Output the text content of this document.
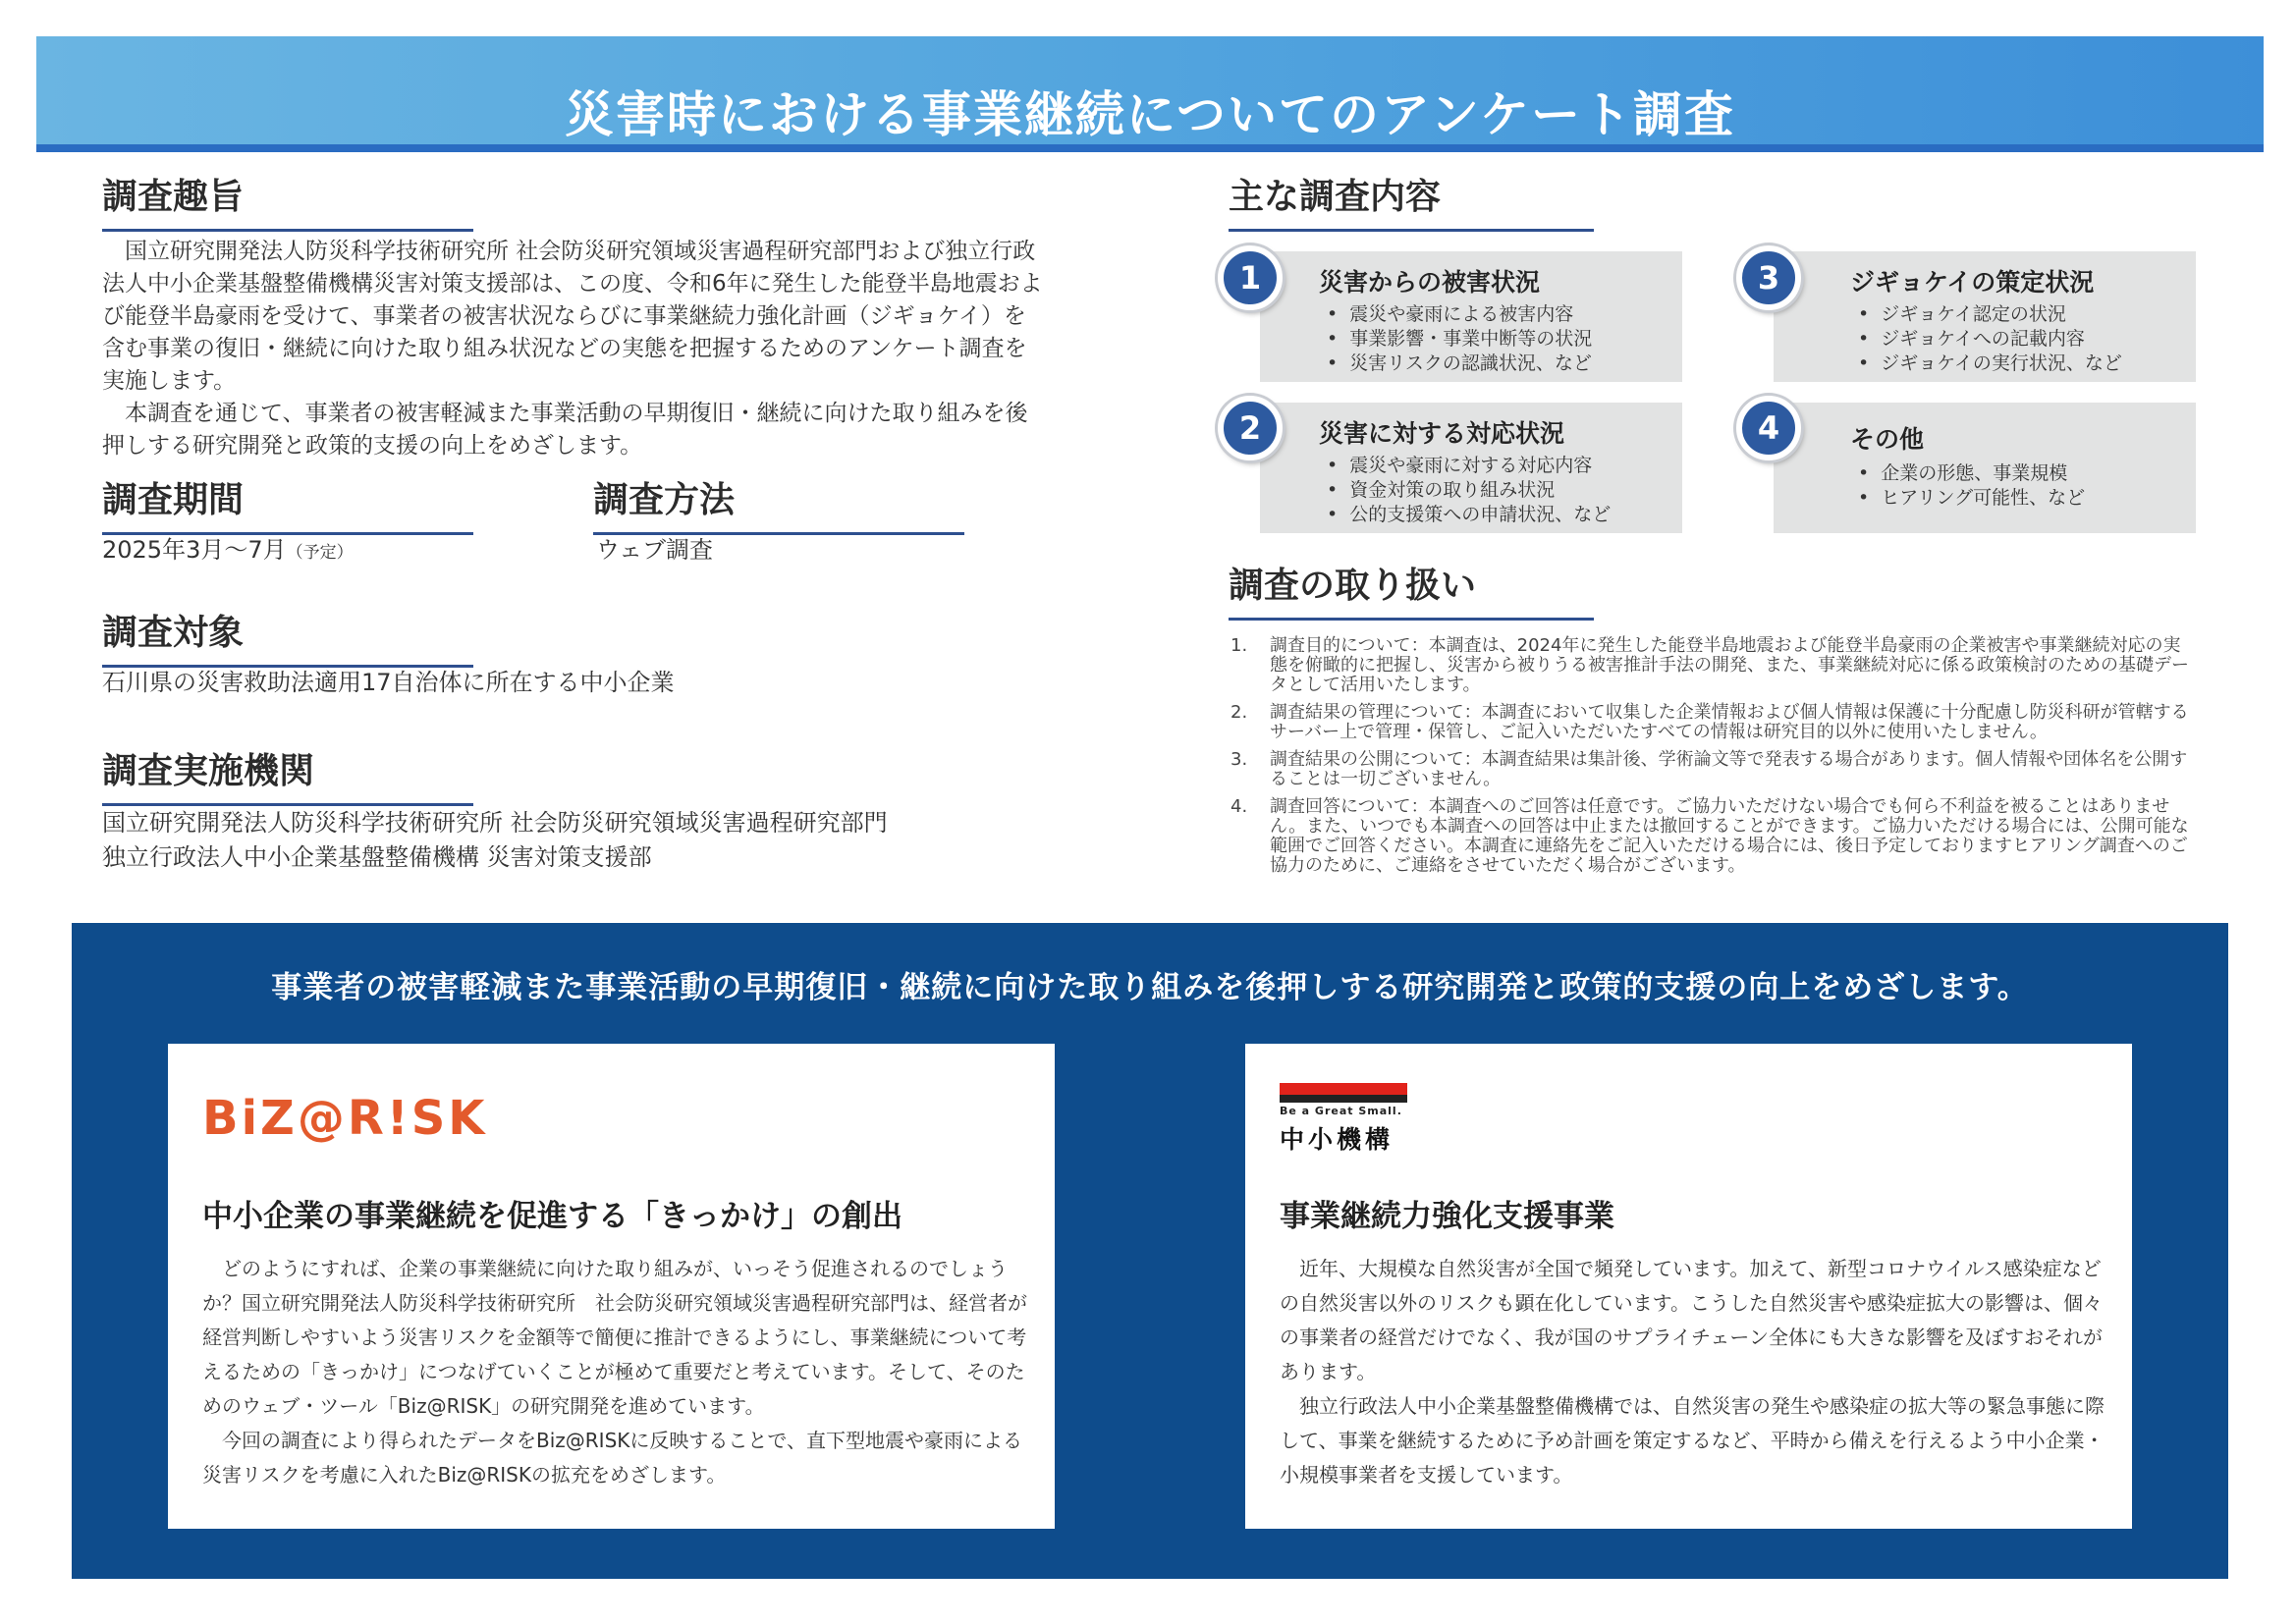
災害時における事業継続についてのアンケート調査
調査趣旨

国立研究開発法人防災科学技術研究所 社会防災研究領域災害過程研究部門および独立行政法人中小企業基盤整備機構災害対策支援部は、この度、令和6年に発生した能登半島地震および能登半島豪雨を受けて、事業者の被害状況ならびに事業継続力強化計画（ジギョケイ）を含む事業の復旧・継続に向けた取り組み状況などの実態を把握するためのアンケート調査を実施します。

本調査を通じて、事業者の被害軽減また事業活動の早期復旧・継続に向けた取り組みを後押しする研究開発と政策的支援の向上をめざします。

調査期間
2025年3月〜7月（予定）
調査方法
ウェブ調査
調査対象
石川県の災害救助法適用17自治体に所在する中小企業
調査実施機関
国立研究開発法人防災科学技術研究所 社会防災研究領域災害過程研究部門
独立行政法人中小企業基盤整備機構 災害対策支援部
主な調査内容
災害からの被害状況
• 震災や豪雨による被害内容
• 事業影響・事業中断等の状況
• 災害リスクの認識状況、など
1	ジギョケイの策定状況
• ジギョケイ認定の状況
• ジギョケイへの記載内容
• ジギョケイの実行状況、など
3
災害に対する対応状況
• 震災や豪雨に対する対応内容
• 資金対策の取り組み状況
• 公的支援策への申請状況、など
2	その他
• 企業の形態、事業規模
• ヒアリング可能性、など
4
調査の取り扱い
1.	調査目的について：本調査は、2024年に発生した能登半島地震および能登半島豪雨の企業被害や事業継続対応の実態を俯瞰的に把握し、災害から被りうる被害推計手法の開発、また、事業継続対応に係る政策検討のための基礎データとして活用いたします。
2.	調査結果の管理について：本調査において収集した企業情報および個人情報は保護に十分配慮し防災科研が管轄するサーバー上で管理・保管し、ご記入いただいたすべての情報は研究目的以外に使用いたしません。
3.	調査結果の公開について：本調査結果は集計後、学術論文等で発表する場合があります。個人情報や団体名を公開することは一切ございません。
4.	調査回答について：本調査へのご回答は任意です。ご協力いただけない場合でも何ら不利益を被ることはありません。また、いつでも本調査への回答は中止または撤回することができます。ご協力いただける場合には、公開可能な範囲でご回答ください。本調査に連絡先をご記入いただける場合には、後日予定しておりますヒアリング調査へのご協力のために、ご連絡をさせていただく場合がございます。
事業者の被害軽減また事業活動の早期復旧・継続に向けた取り組みを後押しする研究開発と政策的支援の向上をめざします。
BiZ@R!SK
中小企業の事業継続を促進する「きっかけ」の創出

どのようにすれば、企業の事業継続に向けた取り組みが、いっそう促進されるのでしょうか？国立研究開発法人防災科学技術研究所　社会防災研究領域災害過程研究部門は、経営者が経営判断しやすいよう災害リスクを金額等で簡便に推計できるようにし、事業継続について考えるための「きっかけ」につなげていくことが極めて重要だと考えています。そして、そのためのウェブ・ツール「Biz@RISK」の研究開発を進めています。

今回の調査により得られたデータをBiz@RISKに反映することで、直下型地震や豪雨による災害リスクを考慮に入れたBiz@RISKの拡充をめざします。

Be a Great Small.
中小機構
事業継続力強化支援事業

近年、大規模な自然災害が全国で頻発しています。加えて、新型コロナウイルス感染症などの自然災害以外のリスクも顕在化しています。こうした自然災害や感染症拡大の影響は、個々の事業者の経営だけでなく、我が国のサプライチェーン全体にも大きな影響を及ぼすおそれがあります。

独立行政法人中小企業基盤整備機構では、自然災害の発生や感染症の拡大等の緊急事態に際して、事業を継続するために予め計画を策定するなど、平時から備えを行えるよう中小企業・小規模事業者を支援しています。
